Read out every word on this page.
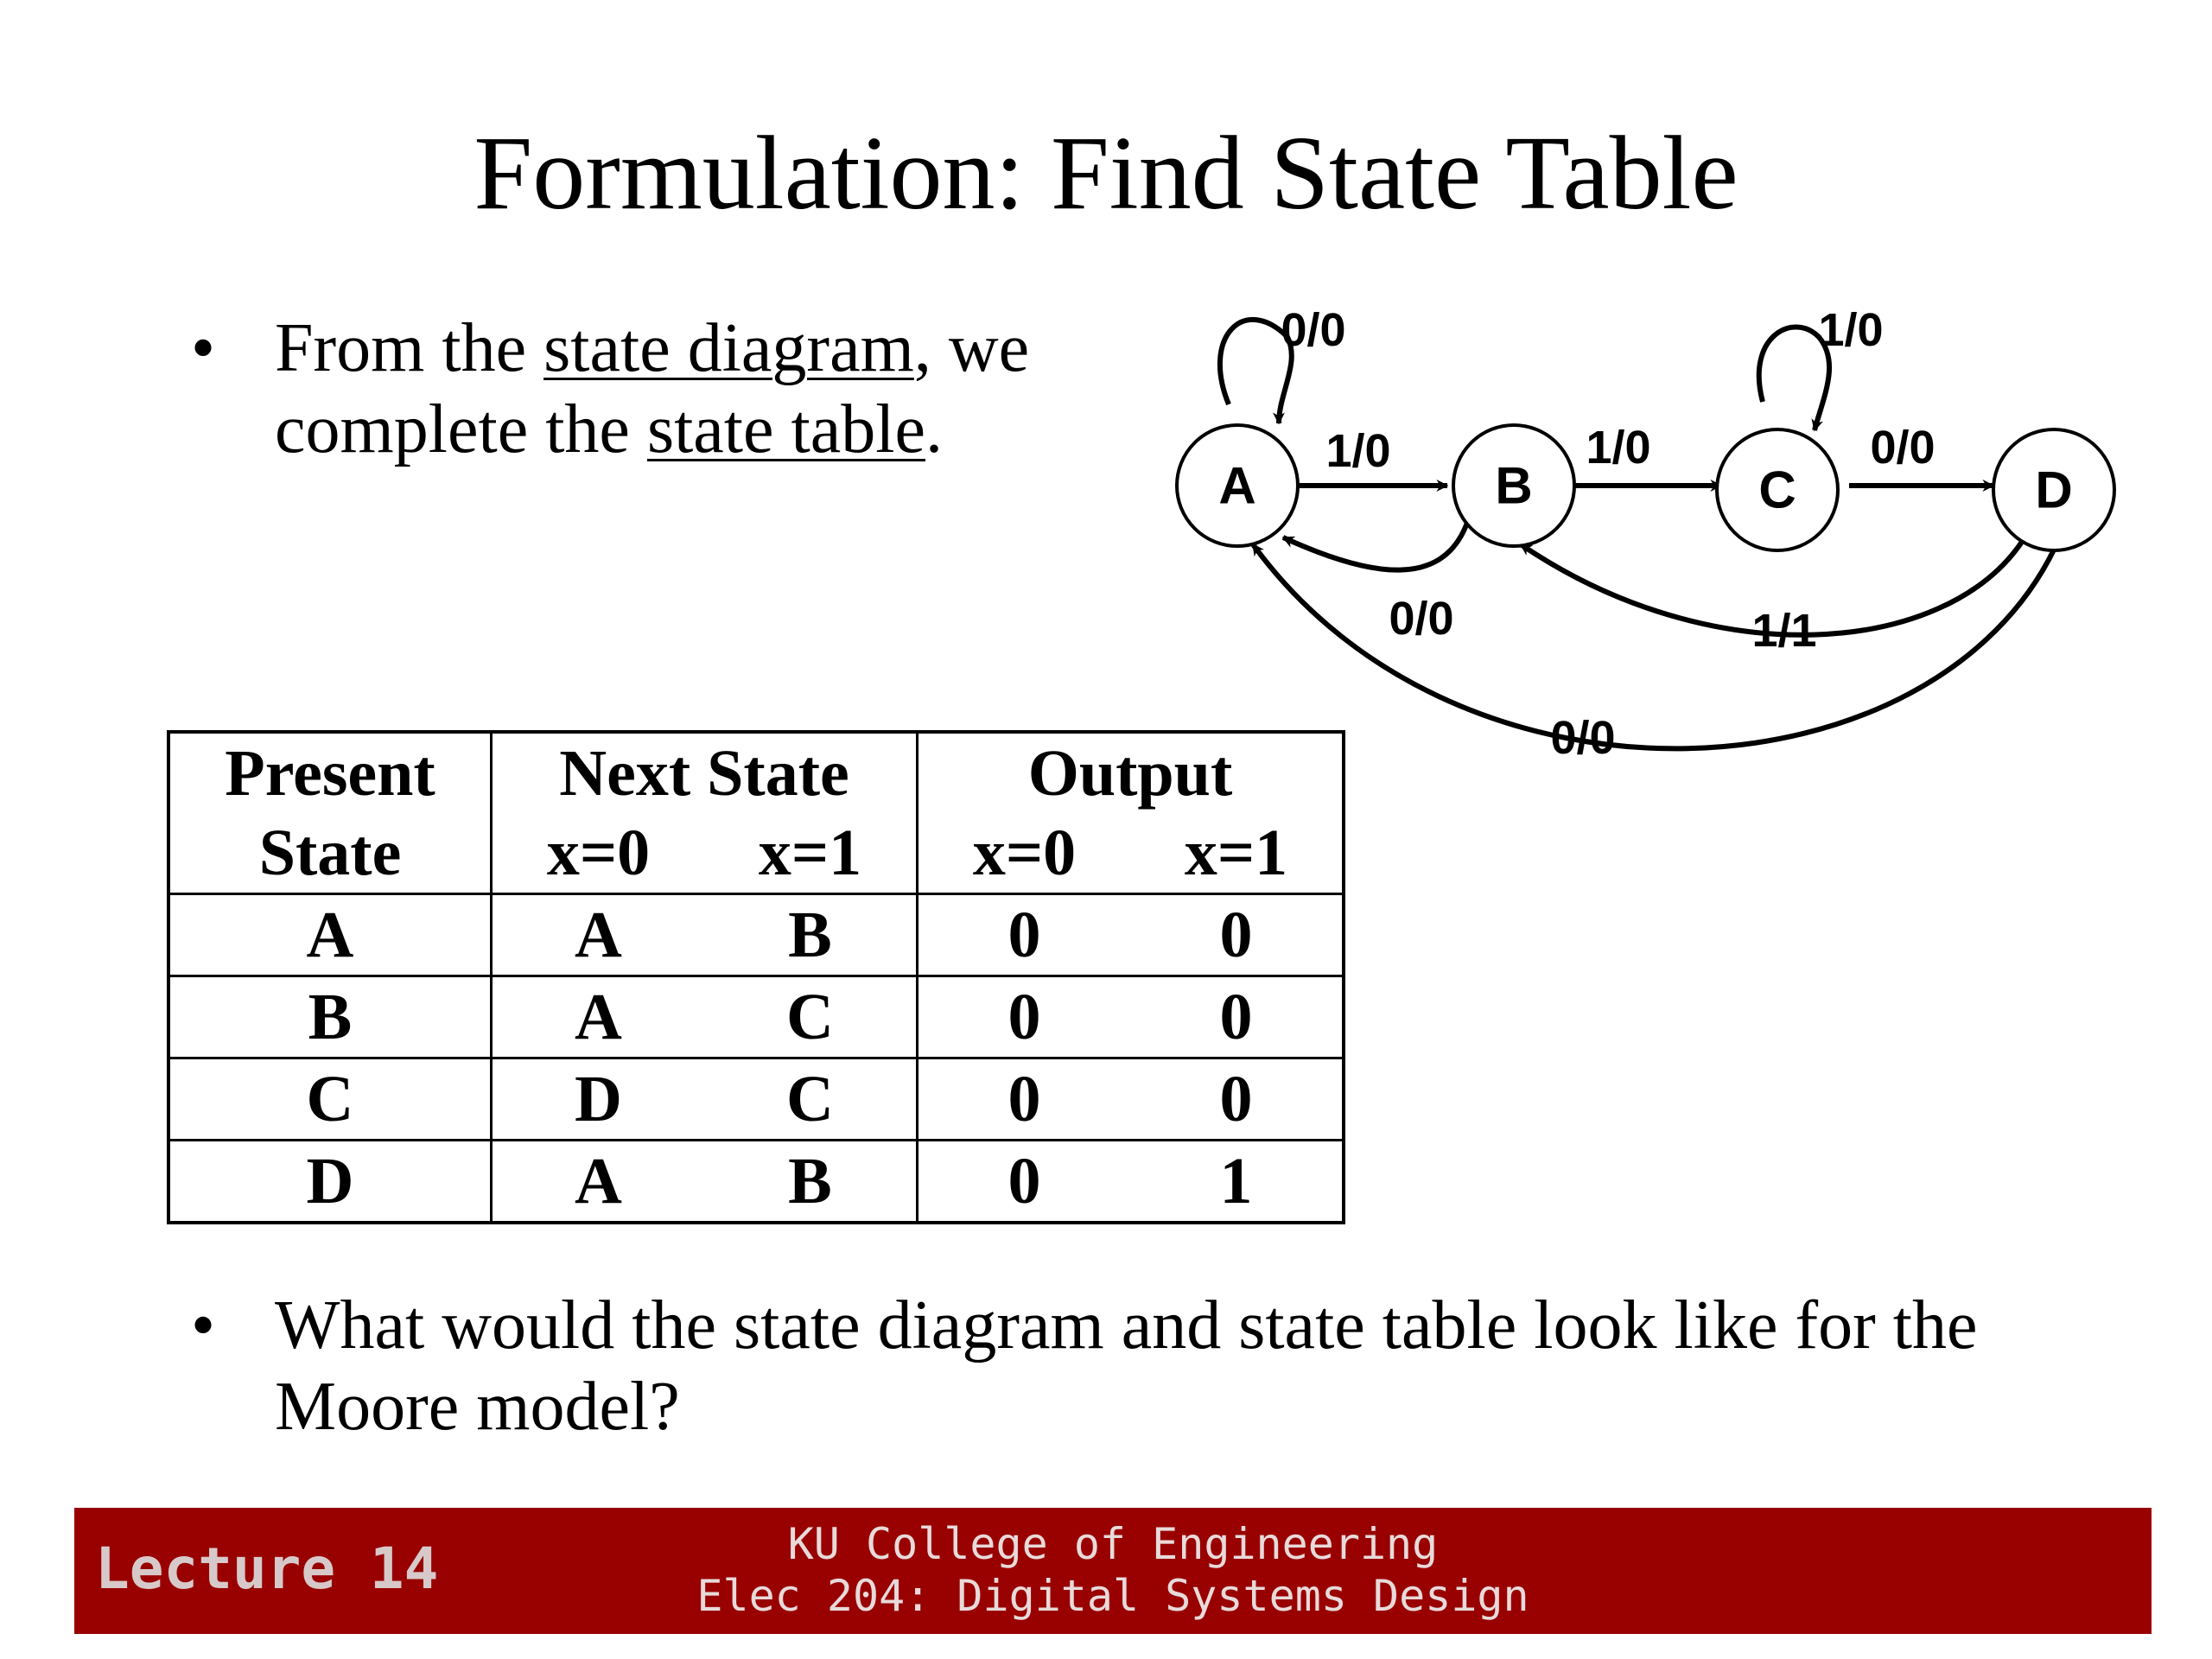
Formulation: Find State Table
• From the state diagram, we complete the state table.
A	B	C	D
0/0
1/0	1/0
1/0
0/0
0/0	1/1
0/0
Present	Next State		Output	
State	x=0	x=1	x=0	x=1
A	A	B	0	0
B	A	C	0	0
C	D	C	0	0
D	A	B	0	1
• What would the state diagram and state table look like for the Moore model?
Lecture 14	KU College of Engineering
Elec 204: Digital Systems Design
